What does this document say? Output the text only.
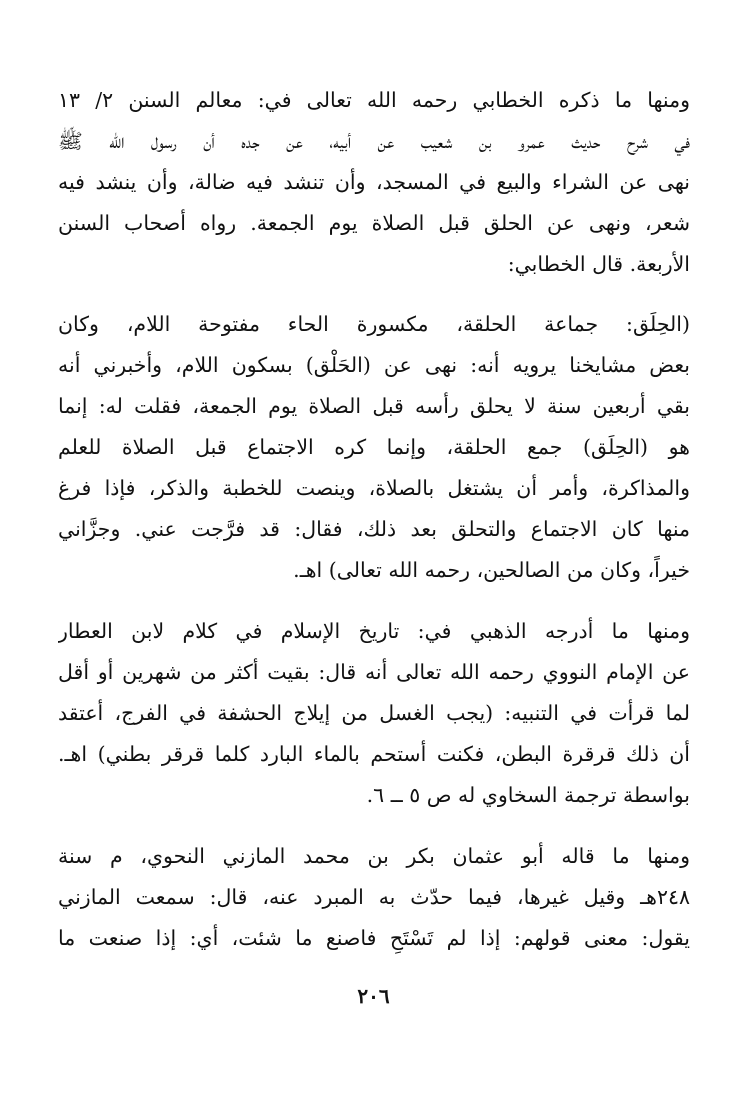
ومنها ما ذكره الخطابي رحمه الله تعالى في: معالم السنن ٢/ ١٣
في شرح حديث عمرو بن شعيب عن أبيه، عن جده أن رسول الله ﷺ
نهى عن الشراء والبيع في المسجد، وأن تنشد فيه ضالة، وأن ينشد فيه
شعر، ونهى عن الحلق قبل الصلاة يوم الجمعة. رواه أصحاب السنن
الأربعة. قال الخطابي:

(الحِلَق: جماعة الحلقة، مكسورة الحاء مفتوحة اللام، وكان
بعض مشايخنا يرويه أنه: نهى عن (الحَلْق) بسكون اللام، وأخبرني أنه
بقي أربعين سنة لا يحلق رأسه قبل الصلاة يوم الجمعة، فقلت له: إنما
هو (الحِلَق) جمع الحلقة، وإنما كره الاجتماع قبل الصلاة للعلم
والمذاكرة، وأمر أن يشتغل بالصلاة، وينصت للخطبة والذكر، فإذا فرغ
منها كان الاجتماع والتحلق بعد ذلك، فقال: قد فرَّجت عني. وجزَّاني
خيراً، وكان من الصالحين، رحمه الله تعالى) اهـ.

ومنها ما أدرجه الذهبي في: تاريخ الإسلام في كلام لابن العطار
عن الإمام النووي رحمه الله تعالى أنه قال: بقيت أكثر من شهرين أو أقل
لما قرأت في التنبيه: (يجب الغسل من إيلاج الحشفة في الفرج، أعتقد
أن ذلك قرقرة البطن، فكنت أستحم بالماء البارد كلما قرقر بطني) اهـ.
بواسطة ترجمة السخاوي له ص ٥ ــ ٦.

ومنها ما قاله أبو عثمان بكر بن محمد المازني النحوي، م سنة
٢٤٨هـ وقيل غيرها، فيما حدّث به المبرد عنه، قال: سمعت المازني
يقول: معنى قولهم: إذا لم تَسْتَحِ فاصنع ما شئت، أي: إذا صنعت ما

٢٠٦
